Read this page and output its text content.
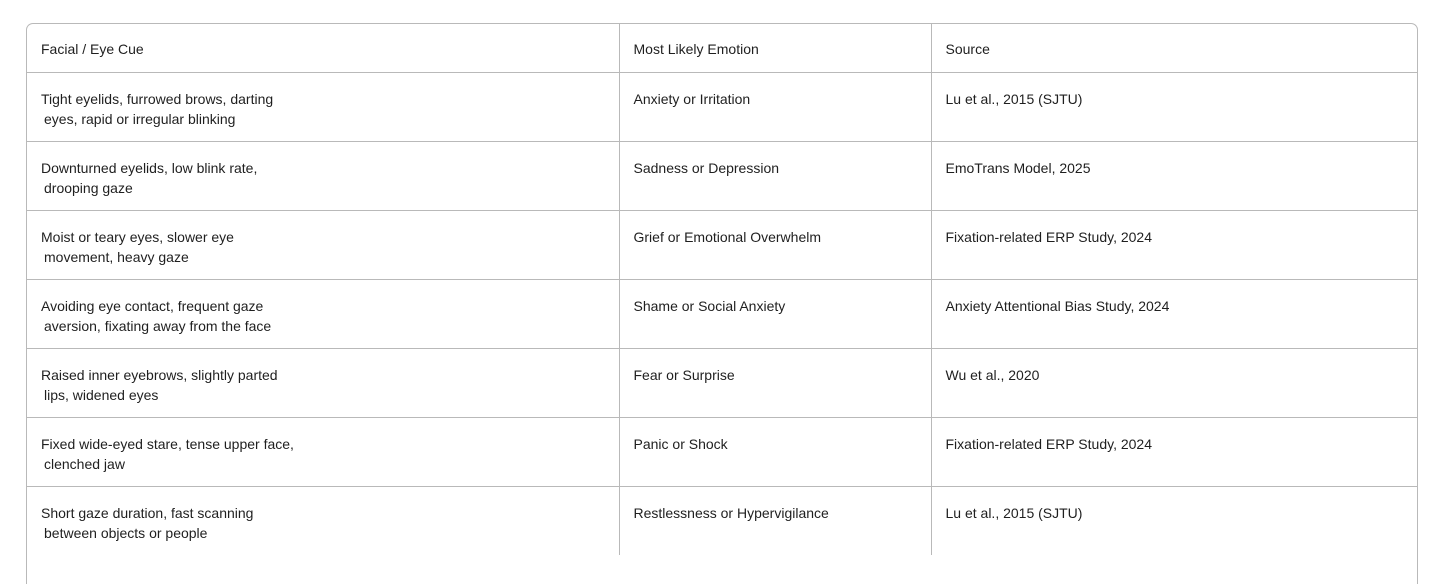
Facial / Eye Cue	Most Likely Emotion	Source
Tight eyelids, furrowed brows, darting
eyes, rapid or irregular blinking	Anxiety or Irritation	Lu et al., 2015 (SJTU)
Downturned eyelids, low blink rate,
drooping gaze	Sadness or Depression	EmoTrans Model, 2025
Moist or teary eyes, slower eye
movement, heavy gaze	Grief or Emotional Overwhelm	Fixation-related ERP Study, 2024
Avoiding eye contact, frequent gaze
aversion, fixating away from the face	Shame or Social Anxiety	Anxiety Attentional Bias Study, 2024
Raised inner eyebrows, slightly parted
lips, widened eyes	Fear or Surprise	Wu et al., 2020
Fixed wide-eyed stare, tense upper face,
clenched jaw	Panic or Shock	Fixation-related ERP Study, 2024
Short gaze duration, fast scanning
between objects or people	Restlessness or Hypervigilance	Lu et al., 2015 (SJTU)
